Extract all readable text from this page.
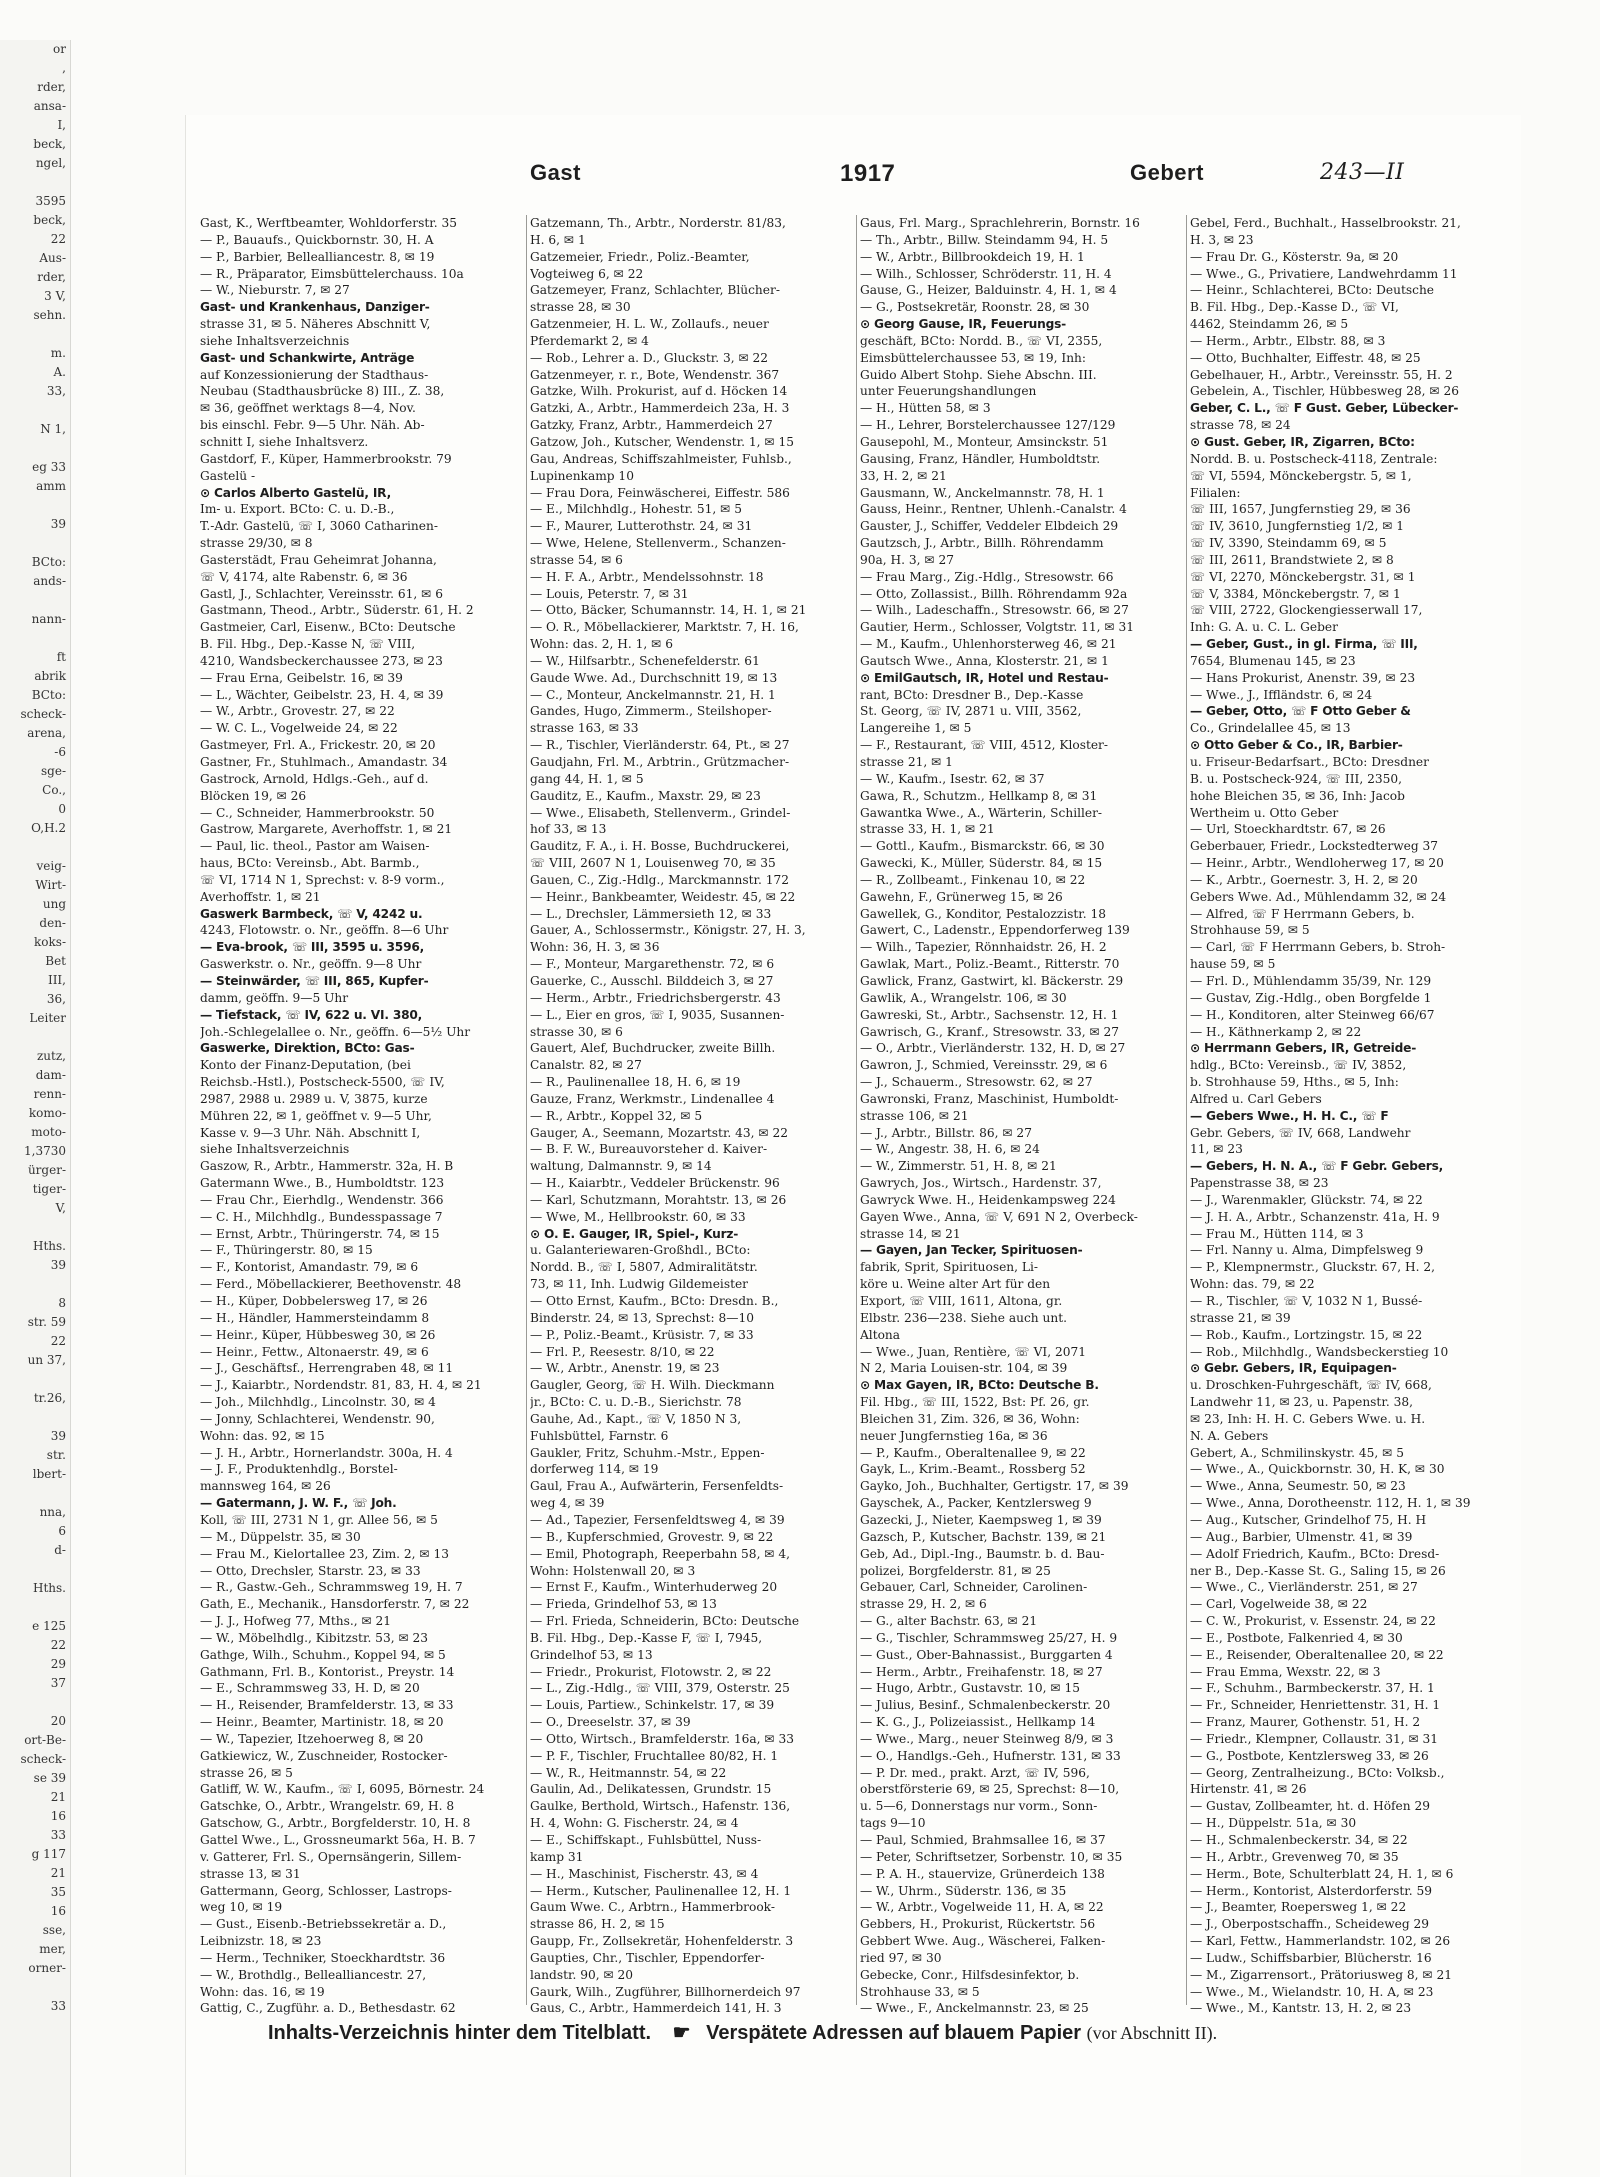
or
,
rder,
ansa-
I,
beck,
ngel,

3595
beck,
22
Aus-
rder,
3 V,
sehn.

m.
A.
33,

N 1,

eg 33
amm

39

BCto:
ands-

nann-

ft
abrik
BCto:
scheck-
arena,
-6
sge-
Co.,
0
O,H.2

veig-
Wirt-
ung
den-
koks-
Bet
III,
36,
Leiter

zutz,
dam-
renn-
komo-
moto-
1,3730
ürger-
tiger-
V,

Hths.
39

8
str. 59
22
un 37,

tr.26,

39
str.
lbert-

nna,
6
d-

Hths.

e 125
22
29
37

20
ort-Be-
scheck-
se 39
21
16
33
g 117
21
35
16
sse,
mer,
orner-

33
Gast	1917	Gebert	243—II
Gast, K., Werftbeamter, Wohldorferstr. 35
— P., Bauaufs., Quickbornstr. 30, H. A
— P., Barbier, Bellealliancestr. 8, ✉ 19
— R., Präparator, Eimsbüttelerchauss. 10a
— W., Nieburstr. 7, ✉ 27
Gast- und Krankenhaus, Danziger-
strasse 31, ✉ 5. Näheres Abschnitt V,
siehe Inhaltsverzeichnis
Gast- und Schankwirte, Anträge
auf Konzessionierung der Stadthaus-
Neubau (Stadthausbrücke 8) III., Z. 38,
✉ 36, geöffnet werktags 8—4, Nov.
bis einschl. Febr. 9—5 Uhr. Näh. Ab-
schnitt I, siehe Inhaltsverz.
Gastdorf, F., Küper, Hammerbrookstr. 79
Gastelü -
⊙ Carlos Alberto Gastelü, IR,
Im- u. Export. BCto: C. u. D.-B.,
T.-Adr. Gastelü, ☏ I, 3060 Catharinen-
strasse 29/30, ✉ 8
Gasterstädt, Frau Geheimrat Johanna,
☏ V, 4174, alte Rabenstr. 6, ✉ 36
Gastl, J., Schlachter, Vereinsstr. 61, ✉ 6
Gastmann, Theod., Arbtr., Süderstr. 61, H. 2
Gastmeier, Carl, Eisenw., BCto: Deutsche
B. Fil. Hbg., Dep.-Kasse N, ☏ VIII,
4210, Wandsbeckerchaussee 273, ✉ 23
— Frau Erna, Geibelstr. 16, ✉ 39
— L., Wächter, Geibelstr. 23, H. 4, ✉ 39
— W., Arbtr., Grovestr. 27, ✉ 22
— W. C. L., Vogelweide 24, ✉ 22
Gastmeyer, Frl. A., Frickestr. 20, ✉ 20
Gastner, Fr., Stuhlmach., Amandastr. 34
Gastrock, Arnold, Hdlgs.-Geh., auf d.
Blöcken 19, ✉ 26
— C., Schneider, Hammerbrookstr. 50
Gastrow, Margarete, Averhoffstr. 1, ✉ 21
— Paul, lic. theol., Pastor am Waisen-
haus, BCto: Vereinsb., Abt. Barmb.,
☏ VI, 1714 N 1, Sprechst: v. 8-9 vorm.,
Averhoffstr. 1, ✉ 21
Gaswerk Barmbeck, ☏ V, 4242 u.
4243, Flotowstr. o. Nr., geöffn. 8—6 Uhr
— Eva-brook, ☏ III, 3595 u. 3596,
Gaswerkstr. o. Nr., geöffn. 9—8 Uhr
— Steinwärder, ☏ III, 865, Kupfer-
damm, geöffn. 9—5 Uhr
— Tiefstack, ☏ IV, 622 u. VI. 380,
Joh.-Schlegelallee o. Nr., geöffn. 6—5½ Uhr
Gaswerke, Direktion, BCto: Gas-
Konto der Finanz-Deputation, (bei
Reichsb.-Hstl.), Postscheck-5500, ☏ IV,
2987, 2988 u. 2989 u. V, 3875, kurze
Mühren 22, ✉ 1, geöffnet v. 9—5 Uhr,
Kasse v. 9—3 Uhr. Näh. Abschnitt I,
siehe Inhaltsverzeichnis
Gaszow, R., Arbtr., Hammerstr. 32a, H. B
Gatermann Wwe., B., Humboldtstr. 123
— Frau Chr., Eierhdlg., Wendenstr. 366
— C. H., Milchhdlg., Bundesspassage 7
— Ernst, Arbtr., Thüringerstr. 74, ✉ 15
— F., Thüringerstr. 80, ✉ 15
— F., Kontorist, Amandastr. 79, ✉ 6
— Ferd., Möbellackierer, Beethovenstr. 48
— H., Küper, Dobbelersweg 17, ✉ 26
— H., Händler, Hammersteindamm 8
— Heinr., Küper, Hübbesweg 30, ✉ 26
— Heinr., Fettw., Altonaerstr. 49, ✉ 6
— J., Geschäftsf., Herrengraben 48, ✉ 11
— J., Kaiarbtr., Nordendstr. 81, 83, H. 4, ✉ 21
— Joh., Milchhdlg., Lincolnstr. 30, ✉ 4
— Jonny, Schlachterei, Wendenstr. 90,
Wohn: das. 92, ✉ 15
— J. H., Arbtr., Hornerlandstr. 300a, H. 4
— J. F., Produktenhdlg., Borstel-
mannsweg 164, ✉ 26
— Gatermann, J. W. F., ☏ Joh.
Koll, ☏ III, 2731 N 1, gr. Allee 56, ✉ 5
— M., Düppelstr. 35, ✉ 30
— Frau M., Kielortallee 23, Zim. 2, ✉ 13
— Otto, Drechsler, Starstr. 23, ✉ 33
— R., Gastw.-Geh., Schrammsweg 19, H. 7
Gath, E., Mechanik., Hansdorferstr. 7, ✉ 22
— J. J., Hofweg 77, Mths., ✉ 21
— W., Möbelhdlg., Kibitzstr. 53, ✉ 23
Gathge, Wilh., Schuhm., Koppel 94, ✉ 5
Gathmann, Frl. B., Kontorist., Preystr. 14
— E., Schrammsweg 33, H. D, ✉ 20
— H., Reisender, Bramfelderstr. 13, ✉ 33
— Heinr., Beamter, Martinistr. 18, ✉ 20
— W., Tapezier, Itzehoerweg 8, ✉ 20
Gatkiewicz, W., Zuschneider, Rostocker-
strasse 26, ✉ 5
Gatliff, W. W., Kaufm., ☏ I, 6095, Börnestr. 24
Gatschke, O., Arbtr., Wrangelstr. 69, H. 8
Gatschow, G., Arbtr., Borgfelderstr. 10, H. 8
Gattel Wwe., L., Grossneumarkt 56a, H. B. 7
v. Gatterer, Frl. S., Opernsängerin, Sillem-
strasse 13, ✉ 31
Gattermann, Georg, Schlosser, Lastrops-
weg 10, ✉ 19
— Gust., Eisenb.-Betriebssekretär a. D.,
Leibnizstr. 18, ✉ 23
— Herm., Techniker, Stoeckhardtstr. 36
— W., Brothdlg., Bellealliancestr. 27,
Wohn: das. 16, ✉ 19
Gattig, C., Zugführ. a. D., Bethesdastr. 62
Gatzemann, Th., Arbtr., Norderstr. 81/83,
H. 6, ✉ 1
Gatzemeier, Friedr., Poliz.-Beamter,
Vogteiweg 6, ✉ 22
Gatzemeyer, Franz, Schlachter, Blücher-
strasse 28, ✉ 30
Gatzenmeier, H. L. W., Zollaufs., neuer
Pferdemarkt 2, ✉ 4
— Rob., Lehrer a. D., Gluckstr. 3, ✉ 22
Gatzenmeyer, r. r., Bote, Wendenstr. 367
Gatzke, Wilh. Prokurist, auf d. Höcken 14
Gatzki, A., Arbtr., Hammerdeich 23a, H. 3
Gatzky, Franz, Arbtr., Hammerdeich 27
Gatzow, Joh., Kutscher, Wendenstr. 1, ✉ 15
Gau, Andreas, Schiffszahlmeister, Fuhlsb.,
Lupinenkamp 10
— Frau Dora, Feinwäscherei, Eiffestr. 586
— E., Milchhdlg., Hohestr. 51, ✉ 5
— F., Maurer, Lutterothstr. 24, ✉ 31
— Wwe, Helene, Stellenverm., Schanzen-
strasse 54, ✉ 6
— H. F. A., Arbtr., Mendelssohnstr. 18
— Louis, Peterstr. 7, ✉ 31
— Otto, Bäcker, Schumannstr. 14, H. 1, ✉ 21
— O. R., Möbellackierer, Marktstr. 7, H. 16,
Wohn: das. 2, H. 1, ✉ 6
— W., Hilfsarbtr., Schenefelderstr. 61
Gaude Wwe. Ad., Durchschnitt 19, ✉ 13
— C., Monteur, Anckelmannstr. 21, H. 1
Gandes, Hugo, Zimmerm., Steilshoper-
strasse 163, ✉ 33
— R., Tischler, Vierländerstr. 64, Pt., ✉ 27
Gaudjahn, Frl. M., Arbtrin., Grützmacher-
gang 44, H. 1, ✉ 5
Gauditz, E., Kaufm., Maxstr. 29, ✉ 23
— Wwe., Elisabeth, Stellenverm., Grindel-
hof 33, ✉ 13
Gauditz, F. A., i. H. Bosse, Buchdruckerei,
☏ VIII, 2607 N 1, Louisenweg 70, ✉ 35
Gauen, C., Zig.-Hdlg., Marckmannstr. 172
— Heinr., Bankbeamter, Weidestr. 45, ✉ 22
— L., Drechsler, Lämmersieth 12, ✉ 33
Gauer, A., Schlossermstr., Königstr. 27, H. 3,
Wohn: 36, H. 3, ✉ 36
— F., Monteur, Margarethenstr. 72, ✉ 6
Gauerke, C., Ausschl. Bilddeich 3, ✉ 27
— Herm., Arbtr., Friedrichsbergerstr. 43
— L., Eier en gros, ☏ I, 9035, Susannen-
strasse 30, ✉ 6
Gauert, Alef, Buchdrucker, zweite Billh.
Canalstr. 82, ✉ 27
— R., Paulinenallee 18, H. 6, ✉ 19
Gauze, Franz, Werkmstr., Lindenallee 4
— R., Arbtr., Koppel 32, ✉ 5
Gauger, A., Seemann, Mozartstr. 43, ✉ 22
— B. F. W., Bureauvorsteher d. Kaiver-
waltung, Dalmannstr. 9, ✉ 14
— H., Kaiarbtr., Veddeler Brückenstr. 96
— Karl, Schutzmann, Morahtstr. 13, ✉ 26
— Wwe, M., Hellbrookstr. 60, ✉ 33
⊙ O. E. Gauger, IR, Spiel-, Kurz-
u. Galanteriewaren-Großhdl., BCto:
Nordd. B., ☏ I, 5807, Admiralitätstr.
73, ✉ 11, Inh. Ludwig Gildemeister
— Otto Ernst, Kaufm., BCto: Dresdn. B.,
Binderstr. 24, ✉ 13, Sprechst: 8—10
— P., Poliz.-Beamt., Krüsistr. 7, ✉ 33
— Frl. P., Reesestr. 8/10, ✉ 22
— W., Arbtr., Anenstr. 19, ✉ 23
Gaugler, Georg, ☏ H. Wilh. Dieckmann
jr., BCto: C. u. D.-B., Sierichstr. 78
Gauhe, Ad., Kapt., ☏ V, 1850 N 3,
Fuhlsbüttel, Farnstr. 6
Gaukler, Fritz, Schuhm.-Mstr., Eppen-
dorferweg 114, ✉ 19
Gaul, Frau A., Aufwärterin, Fersenfeldts-
weg 4, ✉ 39
— Ad., Tapezier, Fersenfeldtsweg 4, ✉ 39
— B., Kupferschmied, Grovestr. 9, ✉ 22
— Emil, Photograph, Reeperbahn 58, ✉ 4,
Wohn: Holstenwall 20, ✉ 3
— Ernst F., Kaufm., Winterhuderweg 20
— Frieda, Grindelhof 53, ✉ 13
— Frl. Frieda, Schneiderin, BCto: Deutsche
B. Fil. Hbg., Dep.-Kasse F, ☏ I, 7945,
Grindelhof 53, ✉ 13
— Friedr., Prokurist, Flotowstr. 2, ✉ 22
— L., Zig.-Hdlg., ☏ VIII, 379, Osterstr. 25
— Louis, Partiew., Schinkelstr. 17, ✉ 39
— O., Dreeselstr. 37, ✉ 39
— Otto, Wirtsch., Bramfelderstr. 16a, ✉ 33
— P. F., Tischler, Fruchtallee 80/82, H. 1
— W., R., Heitmannstr. 54, ✉ 22
Gaulin, Ad., Delikatessen, Grundstr. 15
Gaulke, Berthold, Wirtsch., Hafenstr. 136,
H. 4, Wohn: G. Fischerstr. 24, ✉ 4
— E., Schiffskapt., Fuhlsbüttel, Nuss-
kamp 31
— H., Maschinist, Fischerstr. 43, ✉ 4
— Herm., Kutscher, Paulinenallee 12, H. 1
Gaum Wwe. C., Arbtrn., Hammerbrook-
strasse 86, H. 2, ✉ 15
Gaupp, Fr., Zollsekretär, Hohenfelderstr. 3
Gaupties, Chr., Tischler, Eppendorfer-
landstr. 90, ✉ 20
Gaurk, Wilh., Zugführer, Billhornerdeich 97
Gaus, C., Arbtr., Hammerdeich 141, H. 3
Gaus, Frl. Marg., Sprachlehrerin, Bornstr. 16
— Th., Arbtr., Billw. Steindamm 94, H. 5
— W., Arbtr., Billbrookdeich 19, H. 1
— Wilh., Schlosser, Schröderstr. 11, H. 4
Gause, G., Heizer, Balduinstr. 4, H. 1, ✉ 4
— G., Postsekretär, Roonstr. 28, ✉ 30
⊙ Georg Gause, IR, Feuerungs-
geschäft, BCto: Nordd. B., ☏ VI, 2355,
Eimsbüttelerchaussee 53, ✉ 19, Inh:
Guido Albert Stohp. Siehe Abschn. III.
unter Feuerungshandlungen
— H., Hütten 58, ✉ 3
— H., Lehrer, Borstelerchaussee 127/129
Gausepohl, M., Monteur, Amsinckstr. 51
Gausing, Franz, Händler, Humboldtstr.
33, H. 2, ✉ 21
Gausmann, W., Anckelmannstr. 78, H. 1
Gauss, Heinr., Rentner, Uhlenh.-Canalstr. 4
Gauster, J., Schiffer, Veddeler Elbdeich 29
Gautzsch, J., Arbtr., Billh. Röhrendamm
90a, H. 3, ✉ 27
— Frau Marg., Zig.-Hdlg., Stresowstr. 66
— Otto, Zollassist., Billh. Röhrendamm 92a
— Wilh., Ladeschaffn., Stresowstr. 66, ✉ 27
Gautier, Herm., Schlosser, Volgtstr. 11, ✉ 31
— M., Kaufm., Uhlenhorsterweg 46, ✉ 21
Gautsch Wwe., Anna, Klosterstr. 21, ✉ 1
⊙ EmilGautsch, IR, Hotel und Restau-
rant, BCto: Dresdner B., Dep.-Kasse
St. Georg, ☏ IV, 2871 u. VIII, 3562,
Langereihe 1, ✉ 5
— F., Restaurant, ☏ VIII, 4512, Kloster-
strasse 21, ✉ 1
— W., Kaufm., Isestr. 62, ✉ 37
Gawa, R., Schutzm., Hellkamp 8, ✉ 31
Gawantka Wwe., A., Wärterin, Schiller-
strasse 33, H. 1, ✉ 21
— Gottl., Kaufm., Bismarckstr. 66, ✉ 30
Gawecki, K., Müller, Süderstr. 84, ✉ 15
— R., Zollbeamt., Finkenau 10, ✉ 22
Gawehn, F., Grünerweg 15, ✉ 26
Gawellek, G., Konditor, Pestalozzistr. 18
Gawert, C., Ladenstr., Eppendorferweg 139
— Wilh., Tapezier, Rönnhaidstr. 26, H. 2
Gawlak, Mart., Poliz.-Beamt., Ritterstr. 70
Gawlick, Franz, Gastwirt, kl. Bäckerstr. 29
Gawlik, A., Wrangelstr. 106, ✉ 30
Gawreski, St., Arbtr., Sachsenstr. 12, H. 1
Gawrisch, G., Kranf., Stresowstr. 33, ✉ 27
— O., Arbtr., Vierländerstr. 132, H. D, ✉ 27
Gawron, J., Schmied, Vereinsstr. 29, ✉ 6
— J., Schauerm., Stresowstr. 62, ✉ 27
Gawronski, Franz, Maschinist, Humboldt-
strasse 106, ✉ 21
— J., Arbtr., Billstr. 86, ✉ 27
— W., Angestr. 38, H. 6, ✉ 24
— W., Zimmerstr. 51, H. 8, ✉ 21
Gawrych, Jos., Wirtsch., Hardenstr. 37,
Gawryck Wwe. H., Heidenkampsweg 224
Gayen Wwe., Anna, ☏ V, 691 N 2, Overbeck-
strasse 14, ✉ 21
— Gayen, Jan Tecker, Spirituosen-
fabrik, Sprit, Spirituosen, Li-
köre u. Weine alter Art für den
Export, ☏ VIII, 1611, Altona, gr.
Elbstr. 236—238. Siehe auch unt.
Altona
— Wwe., Juan, Rentière, ☏ VI, 2071
N 2, Maria Louisen-str. 104, ✉ 39
⊙ Max Gayen, IR, BCto: Deutsche B.
Fil. Hbg., ☏ III, 1522, Bst: Pf. 26, gr.
Bleichen 31, Zim. 326, ✉ 36, Wohn:
neuer Jungfernstieg 16a, ✉ 36
— P., Kaufm., Oberaltenallee 9, ✉ 22
Gayk, L., Krim.-Beamt., Rossberg 52
Gayko, Joh., Buchhalter, Gertigstr. 17, ✉ 39
Gayschek, A., Packer, Kentzlersweg 9
Gazecki, J., Nieter, Kaempsweg 1, ✉ 39
Gazsch, P., Kutscher, Bachstr. 139, ✉ 21
Geb, Ad., Dipl.-Ing., Baumstr. b. d. Bau-
polizei, Borgfelderstr. 81, ✉ 25
Gebauer, Carl, Schneider, Carolinen-
strasse 29, H. 2, ✉ 6
— G., alter Bachstr. 63, ✉ 21
— G., Tischler, Schrammsweg 25/27, H. 9
— Gust., Ober-Bahnassist., Burggarten 4
— Herm., Arbtr., Freihafenstr. 18, ✉ 27
— Hugo, Arbtr., Gustavstr. 10, ✉ 15
— Julius, Besinf., Schmalenbeckerstr. 20
— K. G., J., Polizeiassist., Hellkamp 14
— Wwe., Marg., neuer Steinweg 8/9, ✉ 3
— O., Handlgs.-Geh., Hufnerstr. 131, ✉ 33
— P. Dr. med., prakt. Arzt, ☏ IV, 596,
oberstförsterie 69, ✉ 25, Sprechst: 8—10,
u. 5—6, Donnerstags nur vorm., Sonn-
tags 9—10
— Paul, Schmied, Brahmsallee 16, ✉ 37
— Peter, Schriftsetzer, Sorbenstr. 10, ✉ 35
— P. A. H., stauervize, Grünerdeich 138
— W., Uhrm., Süderstr. 136, ✉ 35
— W., Arbtr., Vogelweide 11, H. A, ✉ 22
Gebbers, H., Prokurist, Rückertstr. 56
Gebbert Wwe. Aug., Wäscherei, Falken-
ried 97, ✉ 30
Gebecke, Conr., Hilfsdesinfektor, b.
Strohhause 33, ✉ 5
— Wwe., F., Anckelmannstr. 23, ✉ 25
Gebel, Ferd., Buchhalt., Hasselbrookstr. 21,
H. 3, ✉ 23
— Frau Dr. G., Kösterstr. 9a, ✉ 20
— Wwe., G., Privatiere, Landwehrdamm 11
— Heinr., Schlachterei, BCto: Deutsche
B. Fil. Hbg., Dep.-Kasse D., ☏ VI,
4462, Steindamm 26, ✉ 5
— Herm., Arbtr., Elbstr. 88, ✉ 3
— Otto, Buchhalter, Eiffestr. 48, ✉ 25
Gebelhauer, H., Arbtr., Vereinsstr. 55, H. 2
Gebelein, A., Tischler, Hübbesweg 28, ✉ 26
Geber, C. L., ☏ F Gust. Geber, Lübecker-
strasse 78, ✉ 24
⊙ Gust. Geber, IR, Zigarren, BCto:
Nordd. B. u. Postscheck-4118, Zentrale:
☏ VI, 5594, Mönckebergstr. 5, ✉ 1,
Filialen:
☏ III, 1657, Jungfernstieg 29, ✉ 36
☏ IV, 3610, Jungfernstieg 1/2, ✉ 1
☏ IV, 3390, Steindamm 69, ✉ 5
☏ III, 2611, Brandstwiete 2, ✉ 8
☏ VI, 2270, Mönckebergstr. 31, ✉ 1
☏ V, 3384, Mönckebergstr. 7, ✉ 1
☏ VIII, 2722, Glockengiesserwall 17,
Inh: G. A. u. C. L. Geber
— Geber, Gust., in gl. Firma, ☏ III,
7654, Blumenau 145, ✉ 23
— Hans Prokurist, Anenstr. 39, ✉ 23
— Wwe., J., Iffländstr. 6, ✉ 24
— Geber, Otto, ☏ F Otto Geber &
Co., Grindelallee 45, ✉ 13
⊙ Otto Geber & Co., IR, Barbier-
u. Friseur-Bedarfsart., BCto: Dresdner
B. u. Postscheck-924, ☏ III, 2350,
hohe Bleichen 35, ✉ 36, Inh: Jacob
Wertheim u. Otto Geber
— Url, Stoeckhardtstr. 67, ✉ 26
Geberbauer, Friedr., Lockstedterweg 37
— Heinr., Arbtr., Wendloherweg 17, ✉ 20
— K., Arbtr., Goernestr. 3, H. 2, ✉ 20
Gebers Wwe. Ad., Mühlendamm 32, ✉ 24
— Alfred, ☏ F Herrmann Gebers, b.
Strohhause 59, ✉ 5
— Carl, ☏ F Herrmann Gebers, b. Stroh-
hause 59, ✉ 5
— Frl. D., Mühlendamm 35/39, Nr. 129
— Gustav, Zig.-Hdlg., oben Borgfelde 1
— H., Konditoren, alter Steinweg 66/67
— H., Käthnerkamp 2, ✉ 22
⊙ Herrmann Gebers, IR, Getreide-
hdlg., BCto: Vereinsb., ☏ IV, 3852,
b. Strohhause 59, Hths., ✉ 5, Inh:
Alfred u. Carl Gebers
— Gebers Wwe., H. H. C., ☏ F
Gebr. Gebers, ☏ IV, 668, Landwehr
11, ✉ 23
— Gebers, H. N. A., ☏ F Gebr. Gebers,
Papenstrasse 38, ✉ 23
— J., Warenmakler, Glückstr. 74, ✉ 22
— J. H. A., Arbtr., Schanzenstr. 41a, H. 9
— Frau M., Hütten 114, ✉ 3
— Frl. Nanny u. Alma, Dimpfelsweg 9
— P., Klempnermstr., Gluckstr. 67, H. 2,
Wohn: das. 79, ✉ 22
— R., Tischler, ☏ V, 1032 N 1, Bussé-
strasse 21, ✉ 39
— Rob., Kaufm., Lortzingstr. 15, ✉ 22
— Rob., Milchhdlg., Wandsbeckerstieg 10
⊙ Gebr. Gebers, IR, Equipagen-
u. Droschken-Fuhrgeschäft, ☏ IV, 668,
Landwehr 11, ✉ 23, u. Papenstr. 38,
✉ 23, Inh: H. H. C. Gebers Wwe. u. H.
N. A. Gebers
Gebert, A., Schmilinskystr. 45, ✉ 5
— Wwe., A., Quickbornstr. 30, H. K, ✉ 30
— Wwe., Anna, Seumestr. 50, ✉ 23
— Wwe., Anna, Dorotheenstr. 112, H. 1, ✉ 39
— Aug., Kutscher, Grindelhof 75, H. H
— Aug., Barbier, Ulmenstr. 41, ✉ 39
— Adolf Friedrich, Kaufm., BCto: Dresd-
ner B., Dep.-Kasse St. G., Saling 15, ✉ 26
— Wwe., C., Vierländerstr. 251, ✉ 27
— Carl, Vogelweide 38, ✉ 22
— C. W., Prokurist, v. Essenstr. 24, ✉ 22
— E., Postbote, Falkenried 4, ✉ 30
— E., Reisender, Oberaltenallee 20, ✉ 22
— Frau Emma, Wexstr. 22, ✉ 3
— F., Schuhm., Barmbeckerstr. 37, H. 1
— Fr., Schneider, Henriettenstr. 31, H. 1
— Franz, Maurer, Gothenstr. 51, H. 2
— Friedr., Klempner, Collaustr. 31, ✉ 31
— G., Postbote, Kentzlersweg 33, ✉ 26
— Georg, Zentralheizung., BCto: Volksb.,
Hirtenstr. 41, ✉ 26
— Gustav, Zollbeamter, ht. d. Höfen 29
— H., Düppelstr. 51a, ✉ 30
— H., Schmalenbeckerstr. 34, ✉ 22
— H., Arbtr., Grevenweg 70, ✉ 35
— Herm., Bote, Schulterblatt 24, H. 1, ✉ 6
— Herm., Kontorist, Alsterdorferstr. 59
— J., Beamter, Roepersweg 1, ✉ 22
— J., Oberpostschaffn., Scheideweg 29
— Karl, Fettw., Hammerlandstr. 102, ✉ 26
— Ludw., Schiffsbarbier, Blücherstr. 16
— M., Zigarrensort., Prätoriusweg 8, ✉ 21
— Wwe., M., Wielandstr. 10, H. A, ✉ 23
— Wwe., M., Kantstr. 13, H. 2, ✉ 23
Inhalts-Verzeichnis hinter dem Titelblatt. ☛ Verspätete Adressen auf blauem Papier (vor Abschnitt II).
